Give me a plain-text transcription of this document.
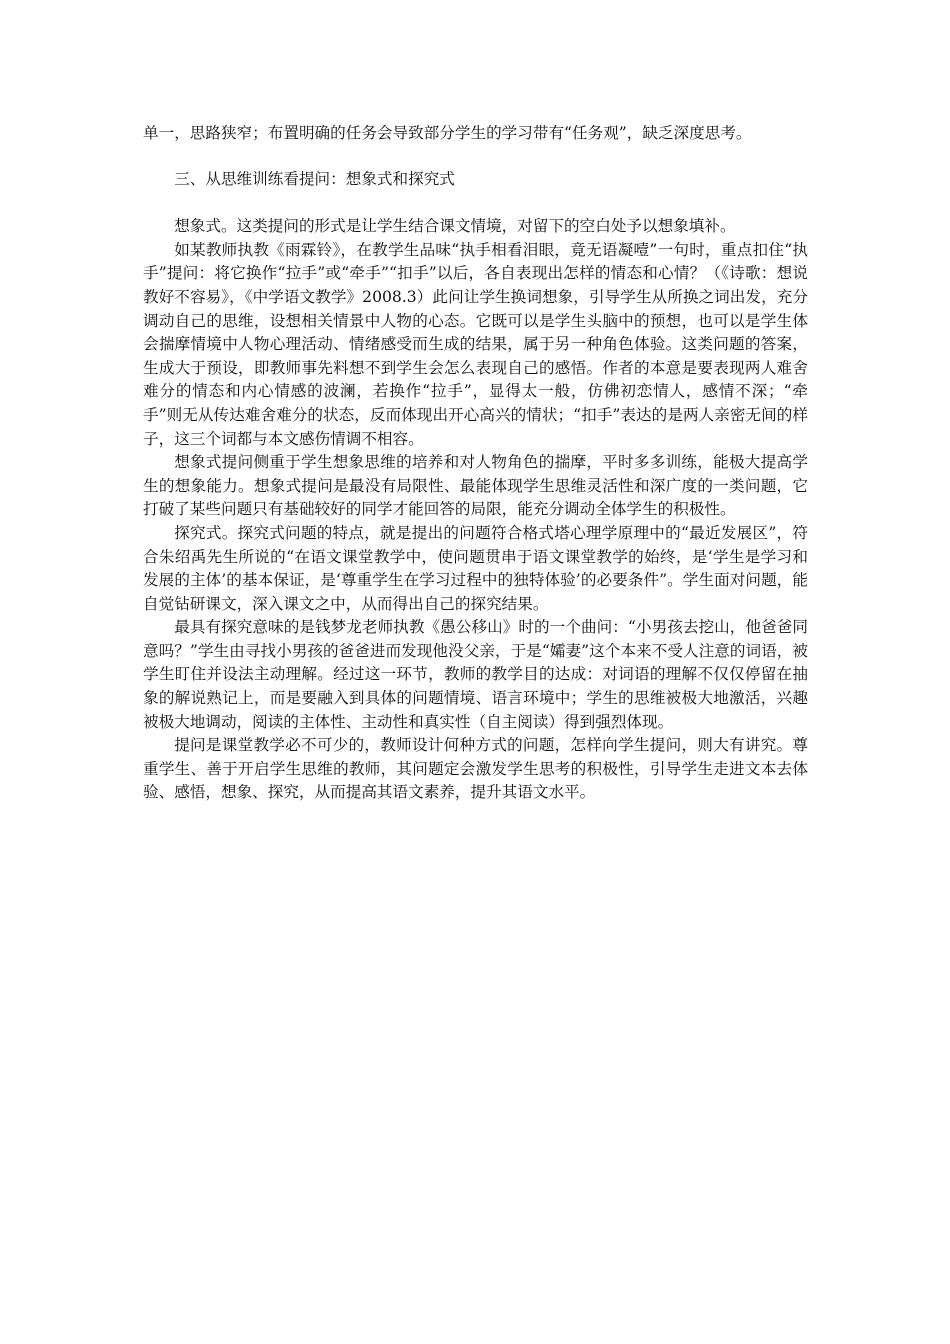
单一，思路狭窄；布置明确的任务会导致部分学生的学习带有“任务观”，缺乏深度思考。

三、从思维训练看提问：想象式和探究式

想象式。这类提问的形式是让学生结合课文情境，对留下的空白处予以想象填补。

如某教师执教《雨霖铃》，在教学生品味“执手相看泪眼，竟无语凝噎”一句时，重点扣住“执手”提问：将它换作“拉手”或“牵手”“扣手”以后，各自表现出怎样的情态和心情？（《诗歌：想说教好不容易》，《中学语文教学》2008.3）此问让学生换词想象，引导学生从所换之词出发，充分调动自己的思维，设想相关情景中人物的心态。它既可以是学生头脑中的预想，也可以是学生体会揣摩情境中人物心理活动、情绪感受而生成的结果，属于另一种角色体验。这类问题的答案，生成大于预设，即教师事先料想不到学生会怎么表现自己的感悟。作者的本意是要表现两人难舍难分的情态和内心情感的波澜，若换作“拉手”，显得太一般，仿佛初恋情人，感情不深；“牵手”则无从传达难舍难分的状态，反而体现出开心高兴的情状；“扣手”表达的是两人亲密无间的样子，这三个词都与本文感伤情调不相容。

想象式提问侧重于学生想象思维的培养和对人物角色的揣摩，平时多多训练，能极大提高学生的想象能力。想象式提问是最没有局限性、最能体现学生思维灵活性和深广度的一类问题，它打破了某些问题只有基础较好的同学才能回答的局限，能充分调动全体学生的积极性。

探究式。探究式问题的特点，就是提出的问题符合格式塔心理学原理中的“最近发展区”，符合朱绍禹先生所说的“在语文课堂教学中，使问题贯串于语文课堂教学的始终，是‘学生是学习和发展的主体’的基本保证，是‘尊重学生在学习过程中的独特体验’的必要条件”。学生面对问题，能自觉钻研课文，深入课文之中，从而得出自己的探究结果。

最具有探究意味的是钱梦龙老师执教《愚公移山》时的一个曲问：“小男孩去挖山，他爸爸同意吗？”学生由寻找小男孩的爸爸进而发现他没父亲，于是“孀妻”这个本来不受人注意的词语，被学生盯住并设法主动理解。经过这一环节，教师的教学目的达成：对词语的理解不仅仅停留在抽象的解说熟记上，而是要融入到具体的问题情境、语言环境中；学生的思维被极大地激活，兴趣被极大地调动，阅读的主体性、主动性和真实性（自主阅读）得到强烈体现。

提问是课堂教学必不可少的，教师设计何种方式的问题，怎样向学生提问，则大有讲究。尊重学生、善于开启学生思维的教师，其问题定会激发学生思考的积极性，引导学生走进文本去体验、感悟，想象、探究，从而提高其语文素养，提升其语文水平。
